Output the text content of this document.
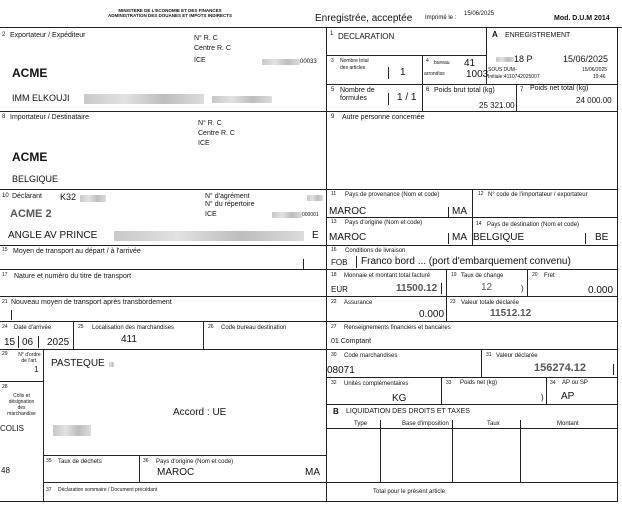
MINISTERE DE L'ECONOMIE ET DES FINANCES
ADMINISTRATION DES DOUANES ET IMPOTS INDIRECTS	Enregistrée, acceptée Imprimé le :
15/06/2025
Mod. D.U.M 2014
2 Exportateur / Expéditeur	N° R. C
Centre R. C
ICE	00033
ACME
IMM ELKOUJI
1 DECLARATION	A ENREGISTREMENT
18 P	15/06/2025
SOUS DUM-	15/06/2025
Initiale:4110742025007	19:46
3 Nombre total
des articles	1
4 bureau 41
arrondiss 1003
5 Nombre de
formules	1 / 1
6 Poids brut total (kg)
25 321.00
7 Poids net total (kg)
24 000.00
8 Importateur / Destinataire
N° R. C
Centre R. C
ICE
ACME
BELGIQUE
9 Autre personne concernée
10 Déclarant K32	N° d'agrément
N° du répertoire
ICE	000001
ACME 2
ANGLE AV PRINCE	E
11 Pays de provenance (Nom et code)
MAROC	MA
12 N° code de l'importateur / exportateur
13 Pays d'origine (Nom et code)
MAROC	MA
14 Pays de destination (Nom et code)
BELGIQUE	BE
15 Moyen de transport au départ / à l'arrivée	16 Conditions de livraison
FOB Franco bord ... (port d'embarquement convenu)
17 Nature et numéro du titre de transport	18 Monnaie et montant total facturé
EUR	11500.12
19 Taux de change
12	)
20 Fret
0.000
21 Nouveau moyen de transport après transbordement	22 Assurance
0.000
23 Valeur totale déclarée
11512.12
24 Date d'arrivée
15 06 2025
25 Localisation des marchandises
411
26 Code bureau destination	27 Renseignements financiers et bancaires
01 Comptant
29	N° d'ordre
de l'art.
1
PASTEQUE
Accord : UE
28
Colis et
désignation
des
marchandise
COLIS
48
30 Code marchandises
08071
31 Valeur déclarée
156274.12
32 Unités complémentaires
KG
33 Poids net (kg)
)
34 AP ou SP
AP
B LIQUIDATION DES DROITS ET TAXES
Type	Base d'imposition	Taux	Montant
Total pour le présent article
35 Taux de déchets	36 Pays d'origine (Nom et code)
MAROC	MA
37 Déclaration sommaire / Document précédant
